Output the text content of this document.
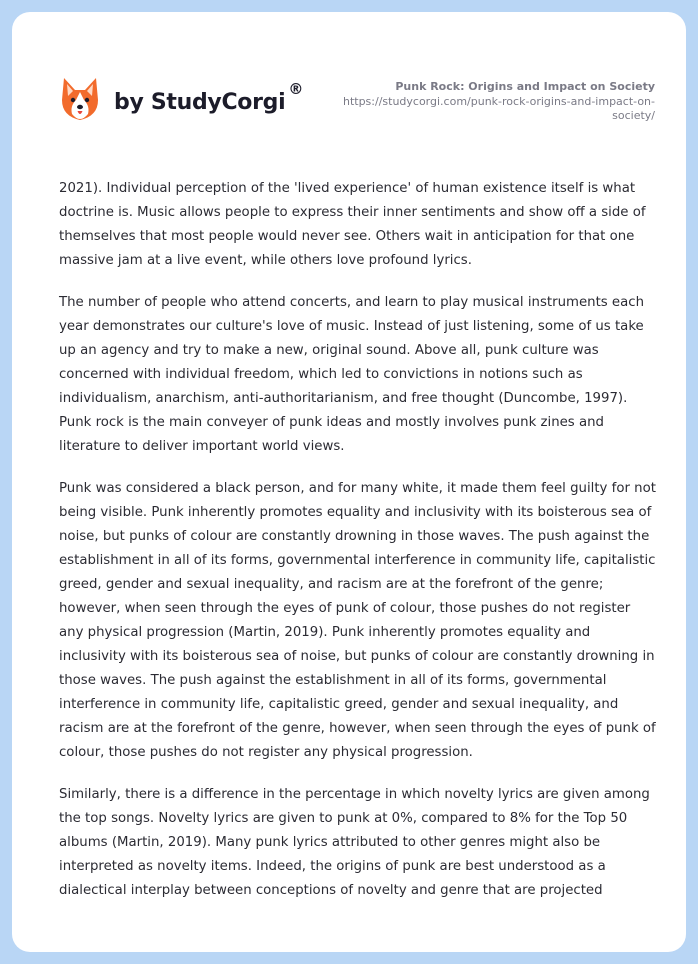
by StudyCorgi
®	Punk Rock: Origins and Impact on Society
https://studycorgi.com/punk-rock-origins-and-impact-on-society/

2021). Individual perception of the 'lived experience' of human existence itself is what doctrine is. Music allows people to express their inner sentiments and show off a side of themselves that most people would never see. Others wait in anticipation for that one massive jam at a live event, while others love profound lyrics.

The number of people who attend concerts, and learn to play musical instruments each year demonstrates our culture's love of music. Instead of just listening, some of us take up an agency and try to make a new, original sound. Above all, punk culture was concerned with individual freedom, which led to convictions in notions such as individualism, anarchism, anti-authoritarianism, and free thought (Duncombe, 1997). Punk rock is the main conveyer of punk ideas and mostly involves punk zines and literature to deliver important world views.

Punk was considered a black person, and for many white, it made them feel guilty for not being visible. Punk inherently promotes equality and inclusivity with its boisterous sea of noise, but punks of colour are constantly drowning in those waves. The push against the establishment in all of its forms, governmental interference in community life, capitalistic greed, gender and sexual inequality, and racism are at the forefront of the genre; however, when seen through the eyes of punk of colour, those pushes do not register any physical progression (Martin, 2019). Punk inherently promotes equality and inclusivity with its boisterous sea of noise, but punks of colour are constantly drowning in those waves. The push against the establishment in all of its forms, governmental interference in community life, capitalistic greed, gender and sexual inequality, and racism are at the forefront of the genre, however, when seen through the eyes of punk of colour, those pushes do not register any physical progression.

Similarly, there is a difference in the percentage in which novelty lyrics are given among the top songs. Novelty lyrics are given to punk at 0%, compared to 8% for the Top 50 albums (Martin, 2019). Many punk lyrics attributed to other genres might also be interpreted as novelty items. Indeed, the origins of punk are best understood as a dialectical interplay between conceptions of novelty and genre that are projected
